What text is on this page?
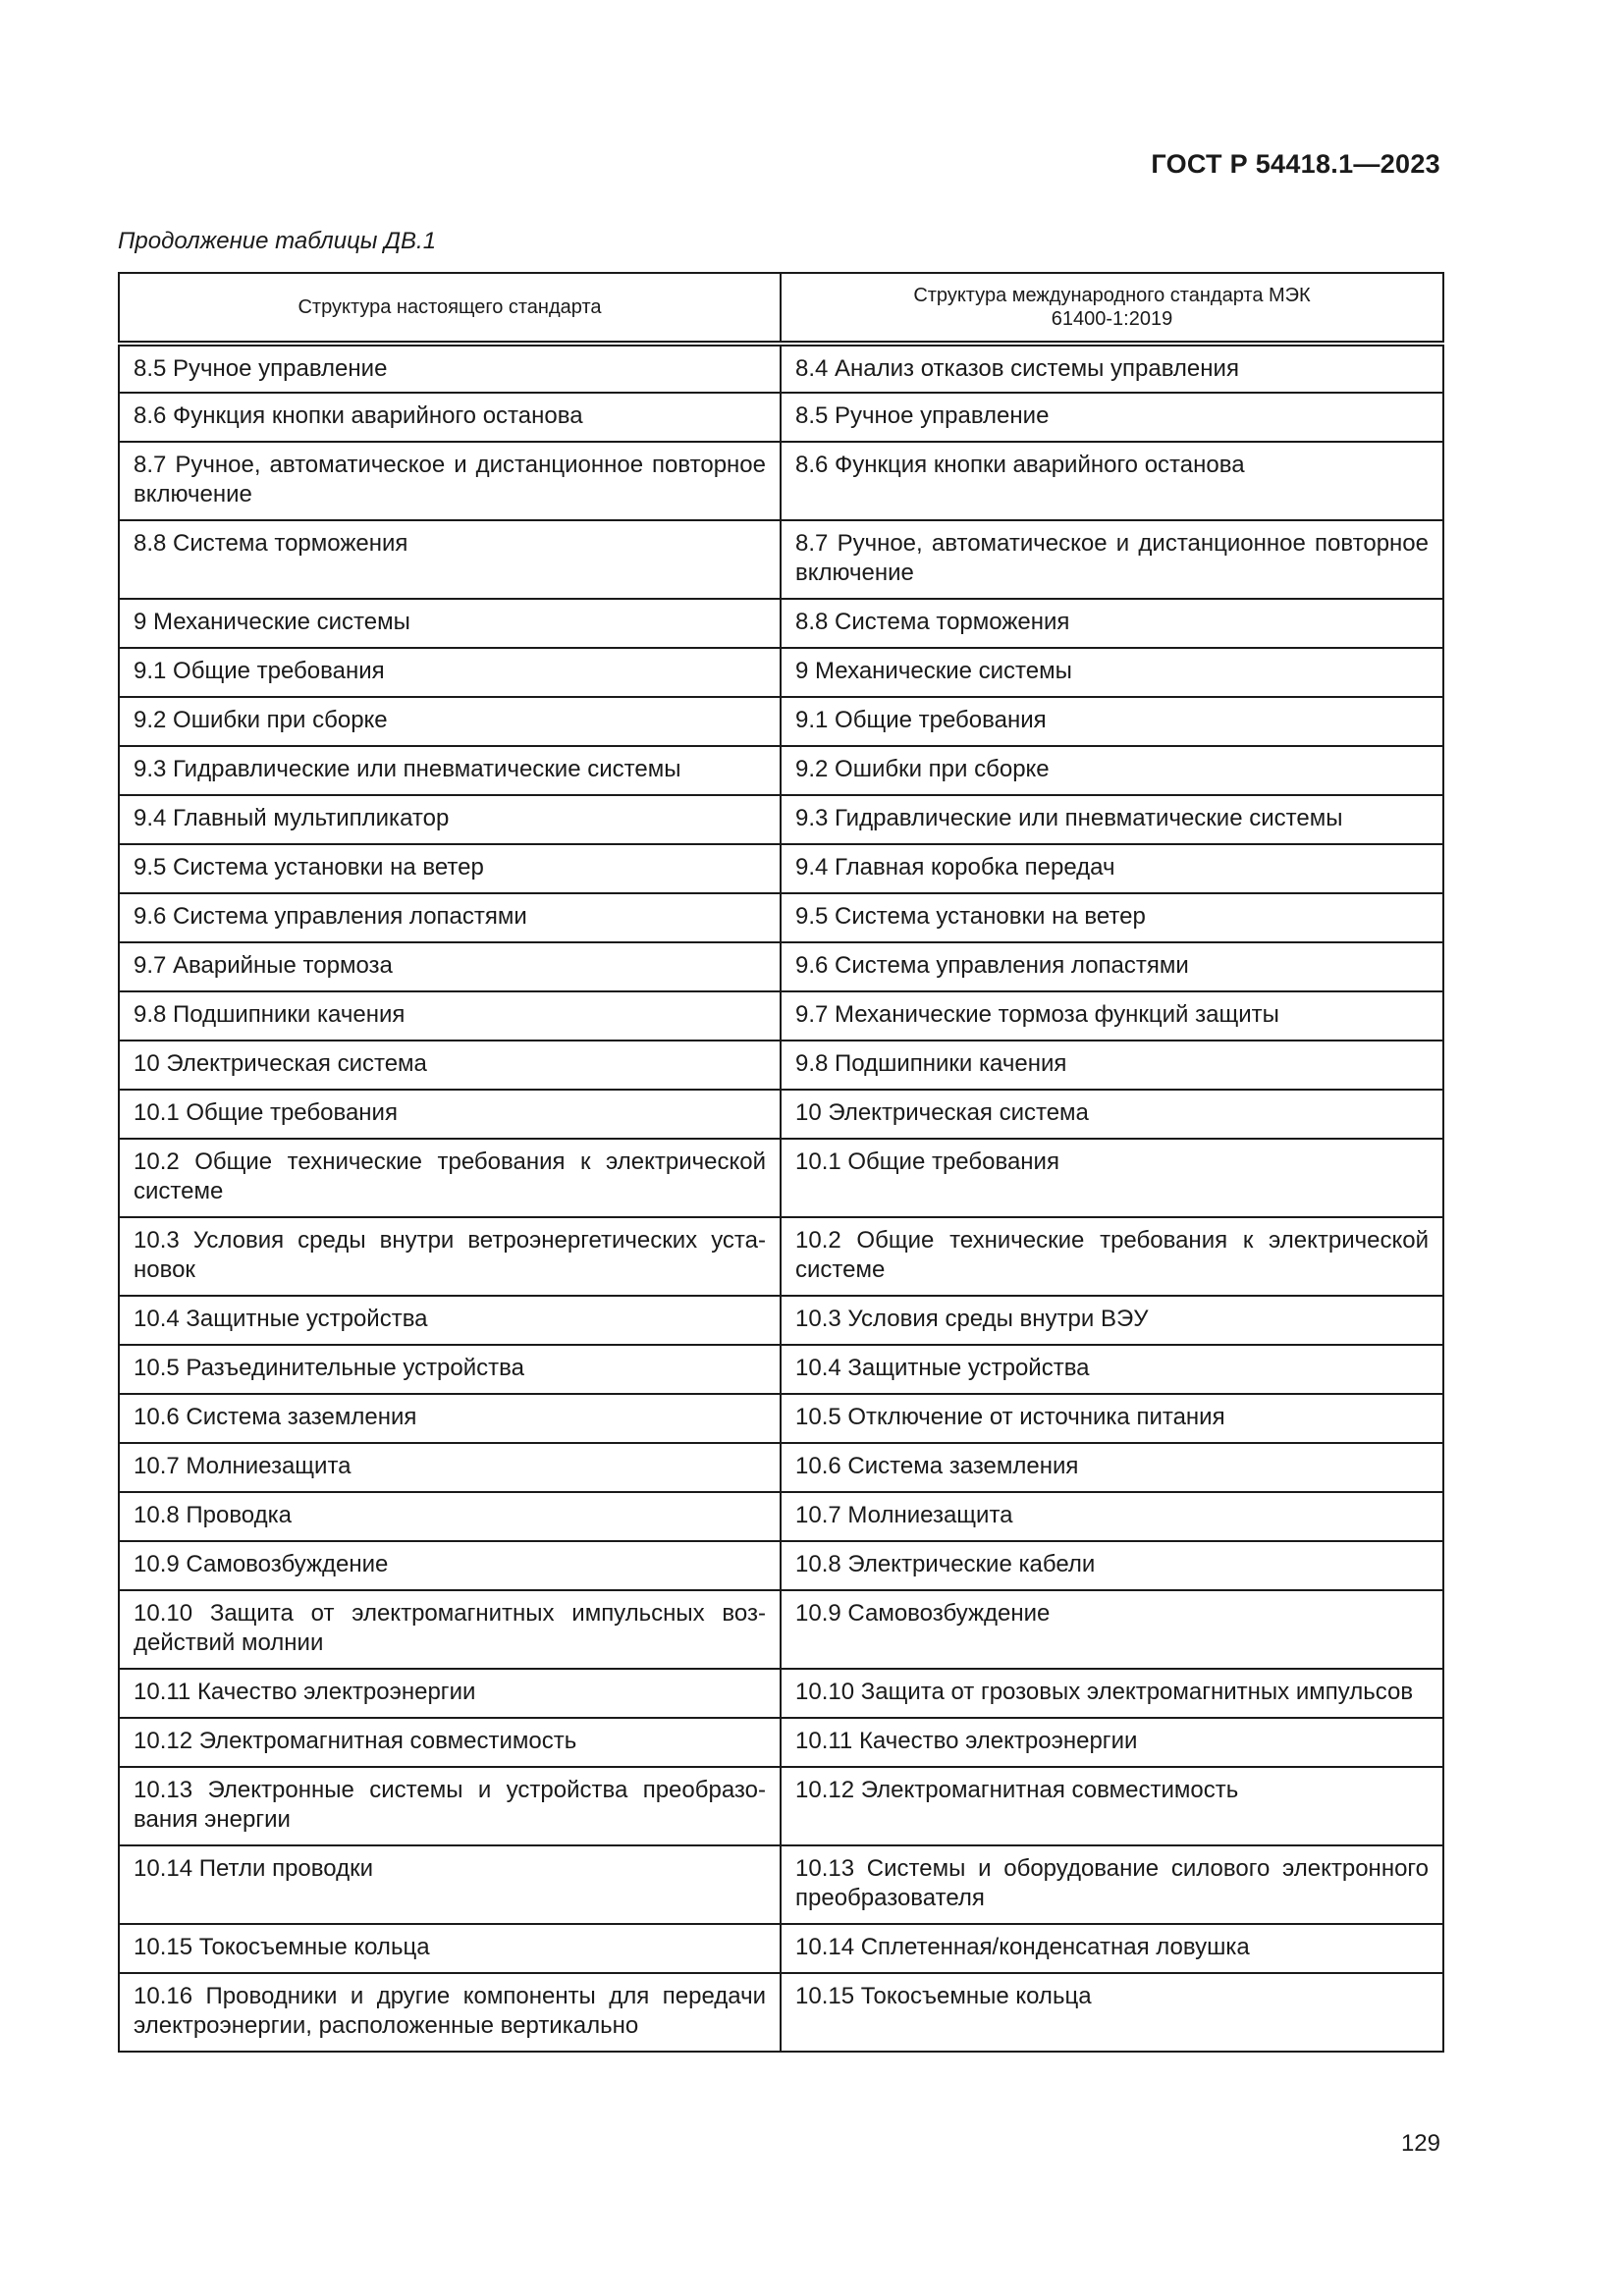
ГОСТ Р 54418.1—2023
Продолжение таблицы ДВ.1
Структура настоящего стандарта	Структура международного стандарта МЭК 61400-1:2019
8.5 Ручное управление	8.4 Анализ отказов системы управления
8.6 Функция кнопки аварийного останова	8.5 Ручное управление
8.7 Ручное, автоматическое и дистанционное повторное включение	8.6 Функция кнопки аварийного останова
8.8 Система торможения	8.7 Ручное, автоматическое и дистанционное повторное включение
9 Механические системы	8.8 Система торможения
9.1 Общие требования	9 Механические системы
9.2 Ошибки при сборке	9.1 Общие требования
9.3 Гидравлические или пневматические системы	9.2 Ошибки при сборке
9.4 Главный мультипликатор	9.3 Гидравлические или пневматические системы
9.5 Система установки на ветер	9.4 Главная коробка передач
9.6 Система управления лопастями	9.5 Система установки на ветер
9.7 Аварийные тормоза	9.6 Система управления лопастями
9.8 Подшипники качения	9.7 Механические тормоза функций защиты
10 Электрическая система	9.8 Подшипники качения
10.1 Общие требования	10 Электрическая система
10.2 Общие технические требования к электрической системе	10.1 Общие требования
10.3 Условия среды внутри ветроэнергетических установок	10.2 Общие технические требования к электрической системе
10.4 Защитные устройства	10.3 Условия среды внутри ВЭУ
10.5 Разъединительные устройства	10.4 Защитные устройства
10.6 Система заземления	10.5 Отключение от источника питания
10.7 Молниезащита	10.6 Система заземления
10.8 Проводка	10.7 Молниезащита
10.9 Самовозбуждение	10.8 Электрические кабели
10.10 Защита от электромагнитных импульсных воздействий молнии	10.9 Самовозбуждение
10.11 Качество электроэнергии	10.10 Защита от грозовых электромагнитных импульсов
10.12 Электромагнитная совместимость	10.11 Качество электроэнергии
10.13 Электронные системы и устройства преобразования энергии	10.12 Электромагнитная совместимость
10.14 Петли проводки	10.13 Системы и оборудование силового электронного преобразователя
10.15 Токосъемные кольца	10.14 Сплетенная/конденсатная ловушка
10.16 Проводники и другие компоненты для передачи электроэнергии, расположенные вертикально	10.15 Токосъемные кольца
129
